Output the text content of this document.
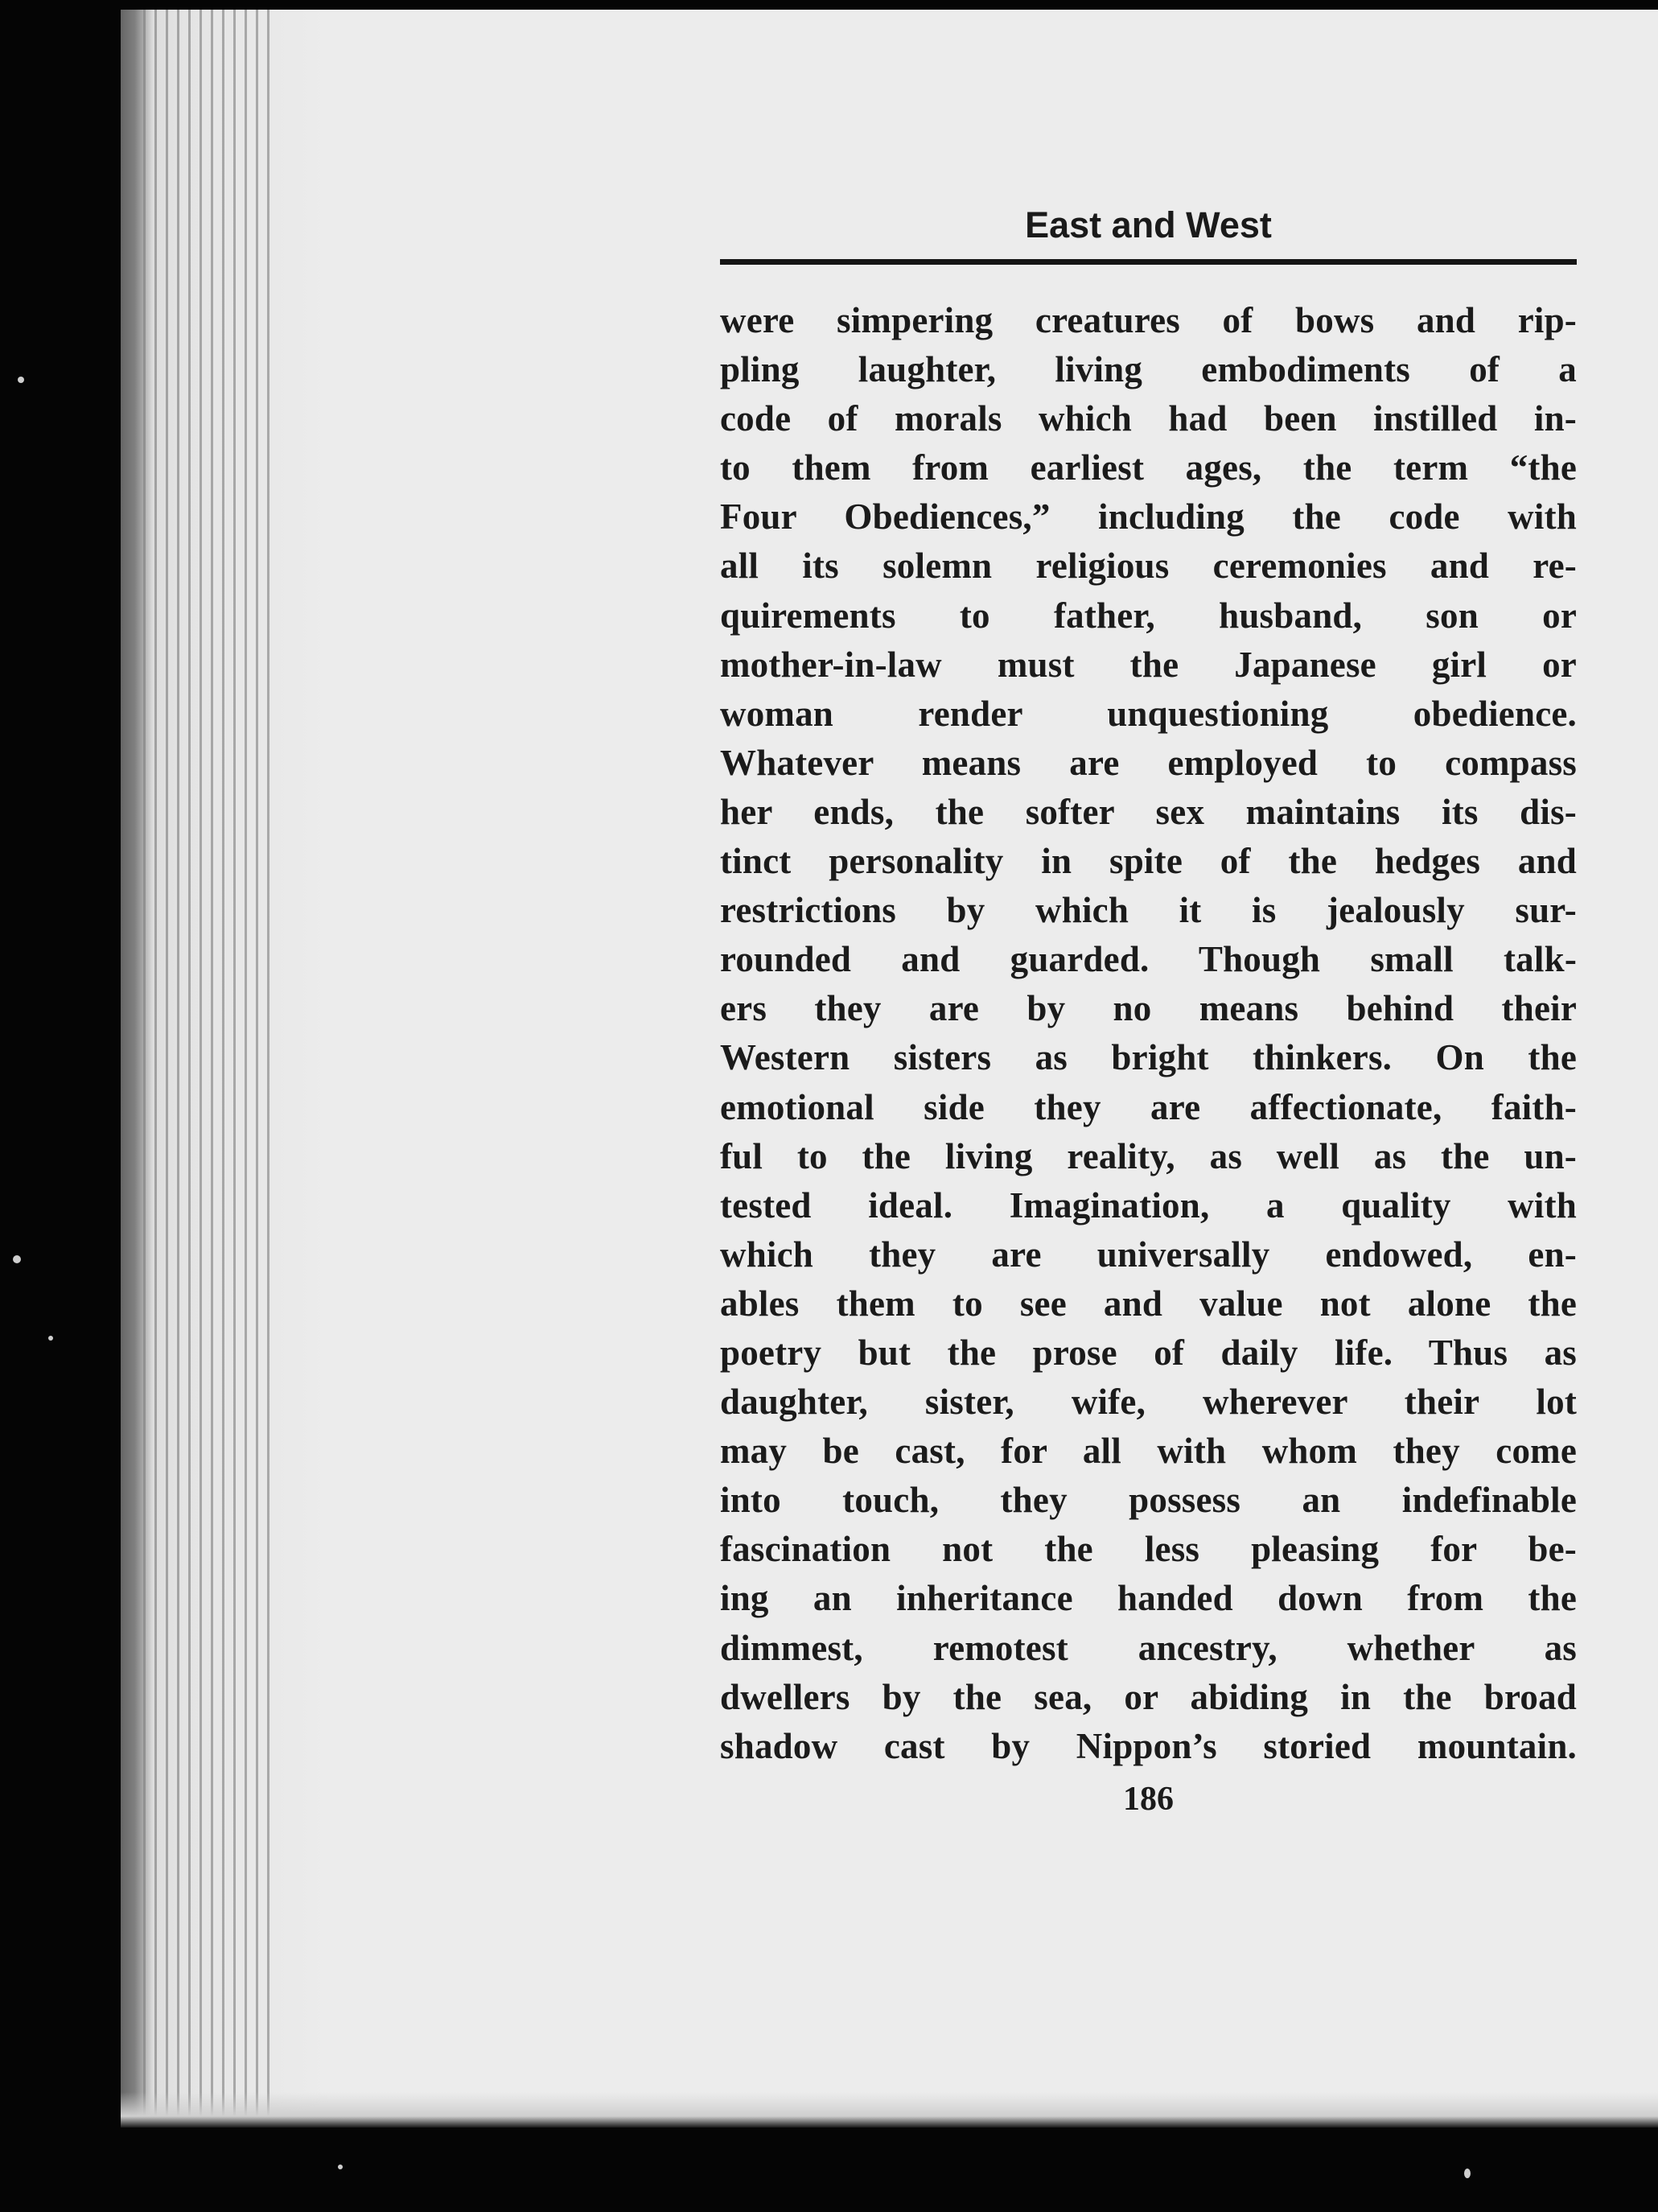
East and West
were simpering creatures of bows and rip-
pling laughter, living embodiments of a
code of morals which had been instilled in-
to them from earliest ages, the term “the
Four Obediences,” including the code with
all its solemn religious ceremonies and re-
quirements to father, husband, son or
mother-in-law must the Japanese girl or
woman render unquestioning obedience.
Whatever means are employed to compass
her ends, the softer sex maintains its dis-
tinct personality in spite of the hedges and
restrictions by which it is jealously sur-
rounded and guarded. Though small talk-
ers they are by no means behind their
Western sisters as bright thinkers. On the
emotional side they are affectionate, faith-
ful to the living reality, as well as the un-
tested ideal. Imagination, a quality with
which they are universally endowed, en-
ables them to see and value not alone the
poetry but the prose of daily life. Thus as
daughter, sister, wife, wherever their lot
may be cast, for all with whom they come
into touch, they possess an indefinable
fascination not the less pleasing for be-
ing an inheritance handed down from the
dimmest, remotest ancestry, whether as
dwellers by the sea, or abiding in the broad
shadow cast by Nippon’s storied mountain.
186
